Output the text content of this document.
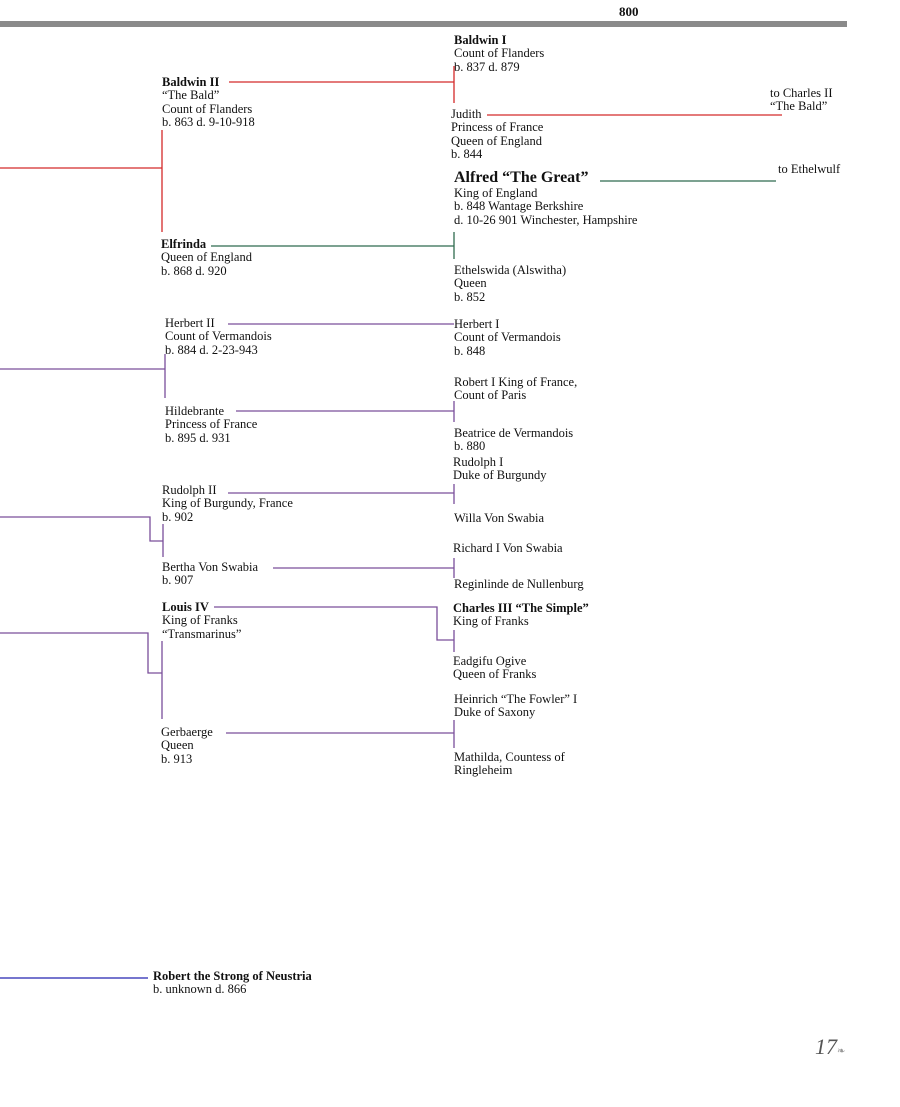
800
Baldwin I
Count of Flanders
b. 837 d. 879
Baldwin II
“The Bald”
Count of Flanders
b. 863 d. 9-10-918
to Charles II
“The Bald”
Judith
Princess of France
Queen of England
b. 844
Alfred “The Great”
King of England
b. 848 Wantage Berkshire
d. 10-26 901 Winchester, Hampshire
to Ethelwulf
Elfrinda
Queen of England
b. 868 d. 920	Ethelswida (Alswitha)
Queen
b. 852
Herbert II
Count of Vermandois
b. 884 d. 2-23-943
Herbert I
Count of Vermandois
b. 848
Robert I King of France,
Count of Paris
Hildebrante
Princess of France
b. 895 d. 931	Beatrice de Vermandois
b. 880
Rudolph I
Duke of Burgundy
Rudolph II
King of Burgundy, France
b. 902	Willa Von Swabia
Richard I Von Swabia
Bertha Von Swabia
b. 907	Reginlinde de Nullenburg
Louis IV
King of Franks
“Transmarinus”
Charles III “The Simple”
King of Franks
Eadgifu Ogive
Queen of Franks
Heinrich “The Fowler” I
Duke of Saxony
Gerbaerge
Queen
b. 913	Mathilda, Countess of
Ringleheim
Robert the Strong of Neustria
b. unknown d. 866
17❧
